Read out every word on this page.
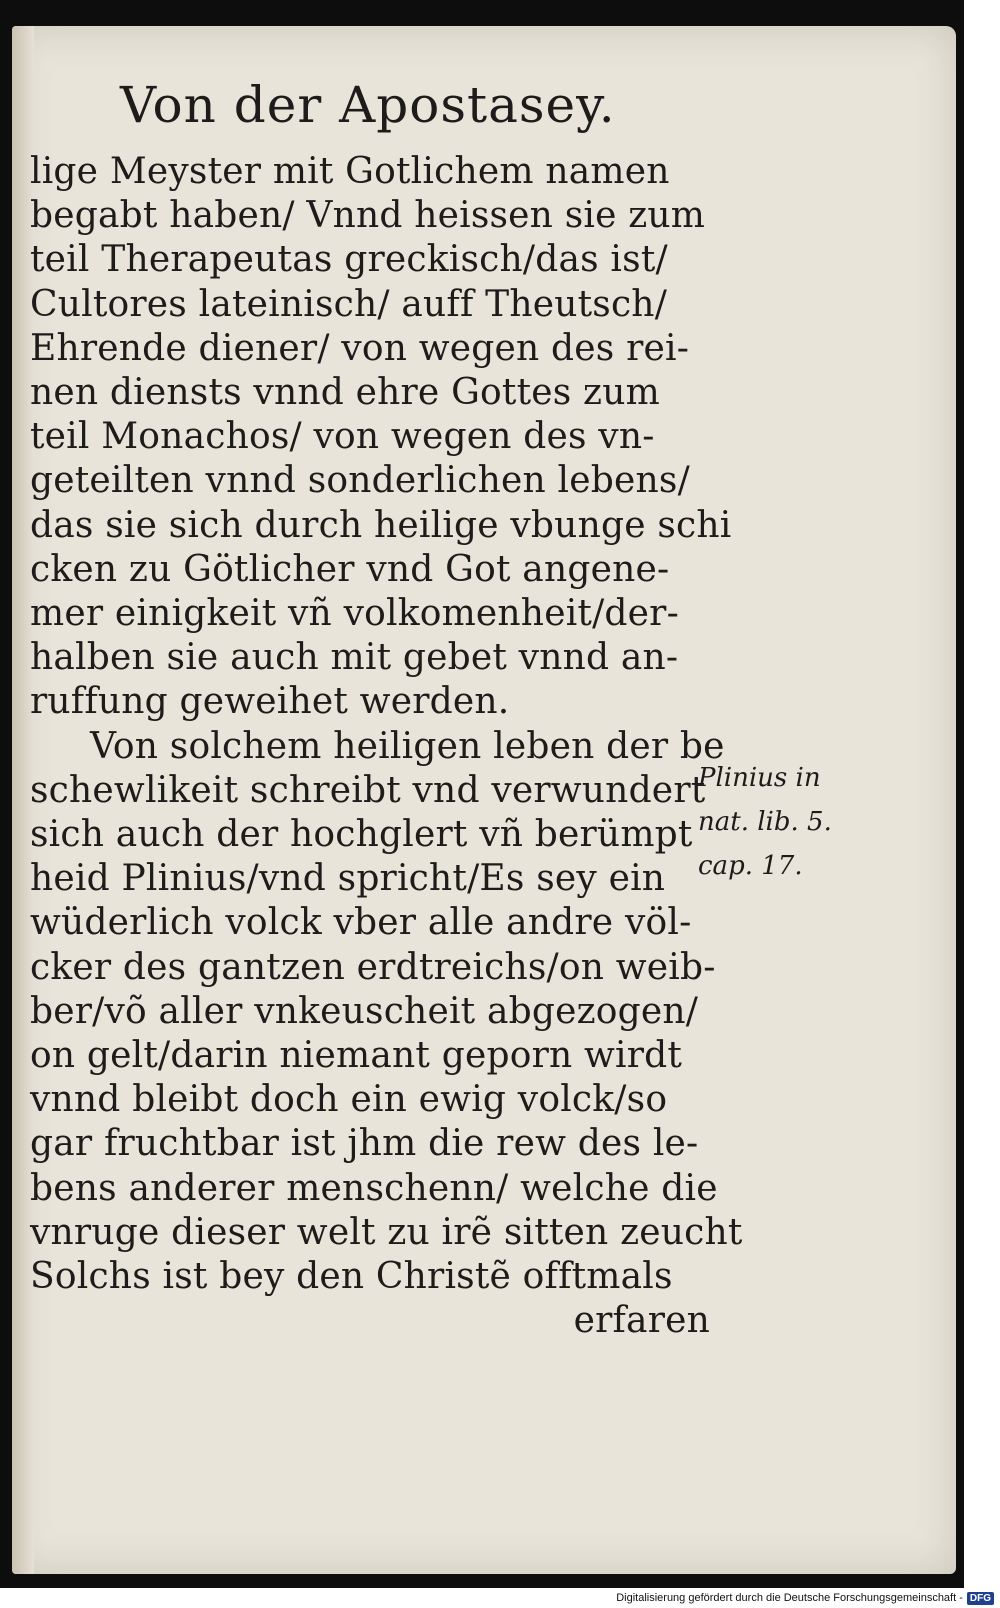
Von der Apostasey.
lige Meyster mit Gotlichem namen
begabt haben/ Vnnd heissen sie zum
teil Therapeutas greckisch/das ist/
Cultores lateinisch/ auff Theutsch/
Ehrende diener/ von wegen des rei-
nen diensts vnnd ehre Gottes zum
teil Monachos/ von wegen des vn-
geteilten vnnd sonderlichen lebens/
das sie sich durch heilige vbunge schi
cken zu Götlicher vnd Got angene-
mer einigkeit vñ volkomenheit/der-
halben sie auch mit gebet vnnd an-
ruffung geweihet werden.
Von solchem heiligen leben der be
schewlikeit schreibt vnd verwundert
sich auch der hochglert vñ berümpt
heid Plinius/vnd spricht/Es sey ein
wüderlich volck vber alle andre völ-
cker des gantzen erdtreichs/on weib-
ber/võ aller vnkeuscheit abgezogen/
on gelt/darin niemant geporn wirdt
vnnd bleibt doch ein ewig volck/so
gar fruchtbar ist jhm die rew des le-
bens anderer menschenn/ welche die
vnruge dieser welt zu irẽ sitten zeucht
Solchs ist bey den Christẽ offtmals
erfaren
Plinius in
nat. lib. 5.
cap. 17.
Digitalisierung gefördert durch die Deutsche Forschungsgemeinschaft - DFG
